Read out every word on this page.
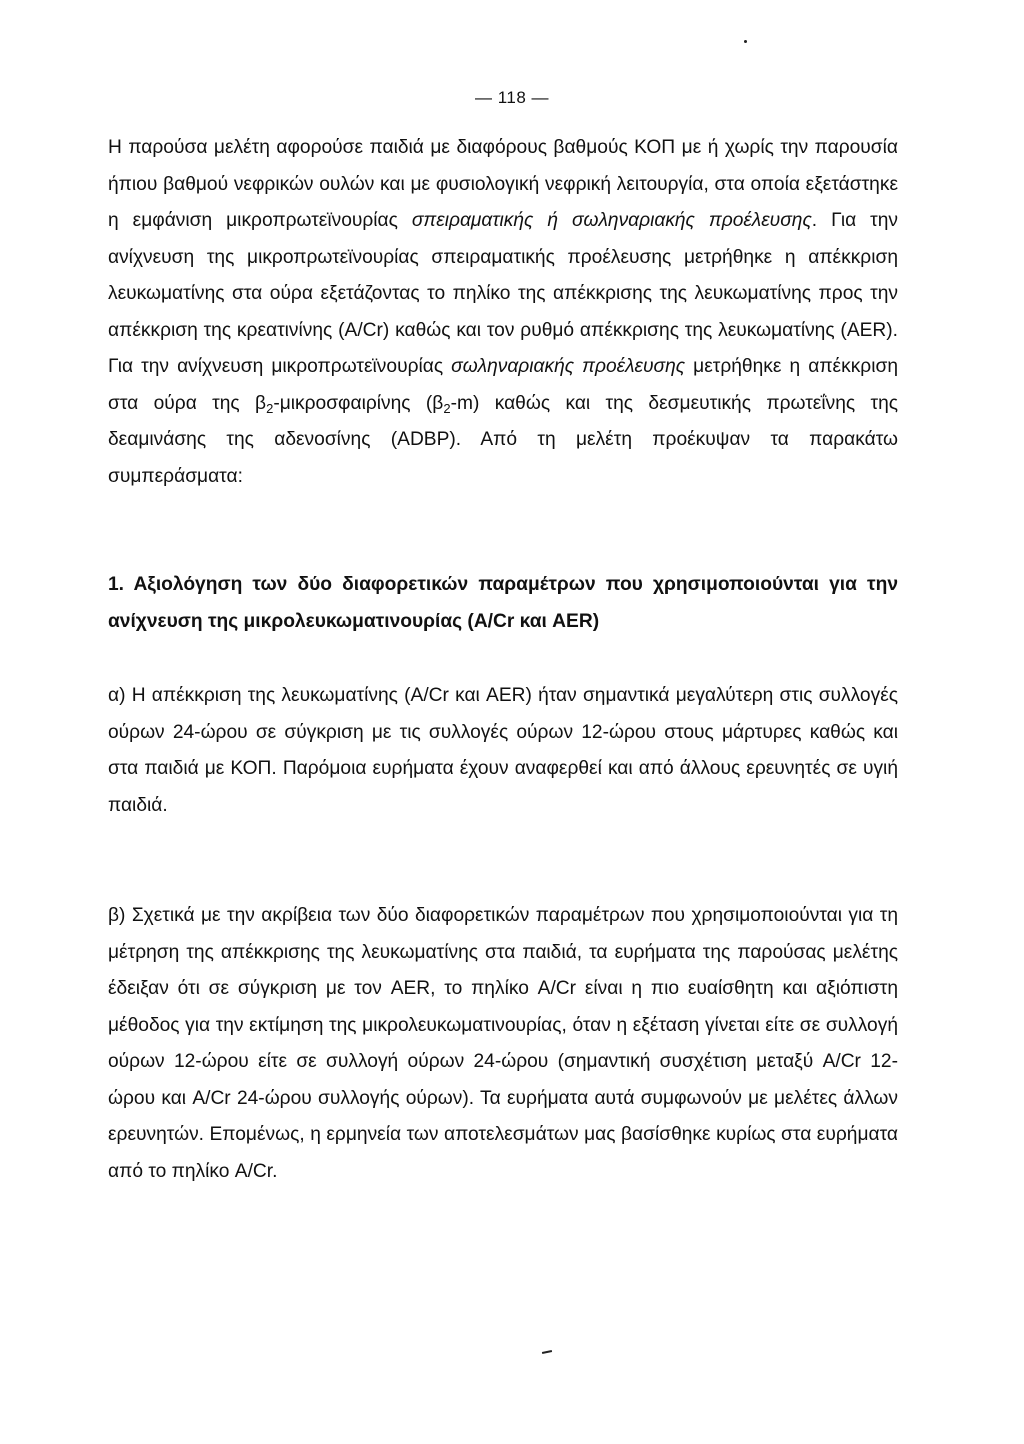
— 118 —

Η παρούσα μελέτη αφορούσε παιδιά με διαφόρους βαθμούς ΚΟΠ με ή χωρίς την παρουσία ήπιου βαθμού νεφρικών ουλών και με φυσιολογική νεφρική λειτουργία, στα οποία εξετάστηκε η εμφάνιση μικροπρωτεϊνουρίας σπειραματικής ή σωληναριακής προέλευσης. Για την ανίχνευση της μικροπρωτεϊνουρίας σπειραματικής προέλευσης μετρήθηκε η απέκκριση λευκωματίνης στα ούρα εξετάζοντας το πηλίκο της απέκκρισης της λευκωματίνης προς την απέκκριση της κρεατινίνης (A/Cr) καθώς και τον ρυθμό απέκκρισης της λευκωματίνης (AER). Για την ανίχνευση μικροπρωτεϊνουρίας σωληναριακής προέλευσης μετρήθηκε η απέκκριση στα ούρα της $\beta_2$-μικροσφαιρίνης $(\beta_2-m)$ καθώς και της δεσμευτικής πρωτεΐνης της δεαμινάσης της αδενοσίνης (ADBP). Από τη μελέτη προέκυψαν τα παρακάτω συμπεράσματα:

1. Αξιολόγηση των δύο διαφορετικών παραμέτρων που χρησιμοποιούνται για την ανίχνευση της μικρολευκωματινουρίας (A/Cr και AER)

α) Η απέκκριση της λευκωματίνης (A/Cr και AER) ήταν σημαντικά μεγαλύτερη στις συλλογές ούρων 24-ώρου σε σύγκριση με τις συλλογές ούρων 12-ώρου στους μάρτυρες καθώς και στα παιδιά με ΚΟΠ. Παρόμοια ευρήματα έχουν αναφερθεί και από άλλους ερευνητές σε υγιή παιδιά.

β) Σχετικά με την ακρίβεια των δύο διαφορετικών παραμέτρων που χρησιμοποιούνται για τη μέτρηση της απέκκρισης της λευκωματίνης στα παιδιά, τα ευρήματα της παρούσας μελέτης έδειξαν ότι σε σύγκριση με τον AER, το πηλίκο A/Cr είναι η πιο ευαίσθητη και αξιόπιστη μέθοδος για την εκτίμηση της μικρολευκωματινουρίας, όταν η εξέταση γίνεται είτε σε συλλογή ούρων 12-ώρου είτε σε συλλογή ούρων 24-ώρου (σημαντική συσχέτιση μεταξύ A/Cr 12-ώρου και A/Cr 24-ώρου συλλογής ούρων). Τα ευρήματα αυτά συμφωνούν με μελέτες άλλων ερευνητών. Επομένως, η ερμηνεία των αποτελεσμάτων μας βασίσθηκε κυρίως στα ευρήματα από το πηλίκο A/Cr.
